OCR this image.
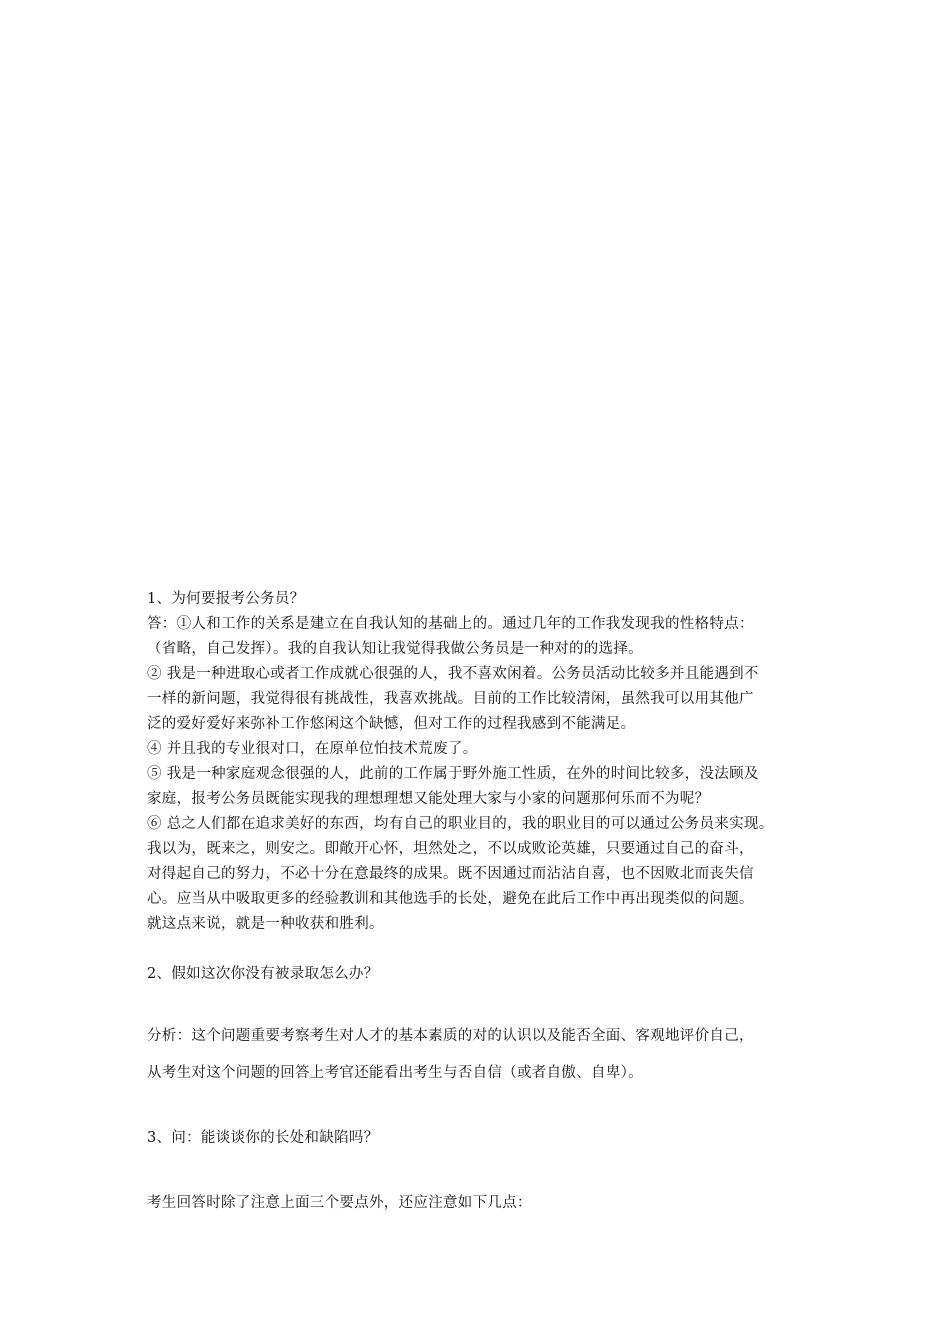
1、为何要报考公务员？
答：①人和工作的关系是建立在自我认知的基础上的。通过几年的工作我发现我的性格特点：
（省略，自己发挥）。我的自我认知让我觉得我做公务员是一种对的的选择。
② 我是一种进取心或者工作成就心很强的人，我不喜欢闲着。公务员活动比较多并且能遇到不
一样的新问题，我觉得很有挑战性，我喜欢挑战。目前的工作比较清闲，虽然我可以用其他广
泛的爱好爱好来弥补工作悠闲这个缺憾，但对工作的过程我感到不能满足。
④ 并且我的专业很对口，在原单位怕技术荒废了。
⑤ 我是一种家庭观念很强的人，此前的工作属于野外施工性质，在外的时间比较多，没法顾及
家庭，报考公务员既能实现我的理想理想又能处理大家与小家的问题那何乐而不为呢？
⑥ 总之人们都在追求美好的东西，均有自己的职业目的，我的职业目的可以通过公务员来实现。
我以为，既来之，则安之。即敞开心怀，坦然处之，不以成败论英雄，只要通过自己的奋斗，
对得起自己的努力，不必十分在意最终的成果。既不因通过而沾沾自喜，也不因败北而丧失信
心。应当从中吸取更多的经验教训和其他选手的长处，避免在此后工作中再出现类似的问题。
就这点来说，就是一种收获和胜利。
2、假如这次你没有被录取怎么办？
分析：这个问题重要考察考生对人才的基本素质的对的认识以及能否全面、客观地评价自己，
从考生对这个问题的回答上考官还能看出考生与否自信（或者自傲、自卑）。
3、问：能谈谈你的长处和缺陷吗？
考生回答时除了注意上面三个要点外，还应注意如下几点：
